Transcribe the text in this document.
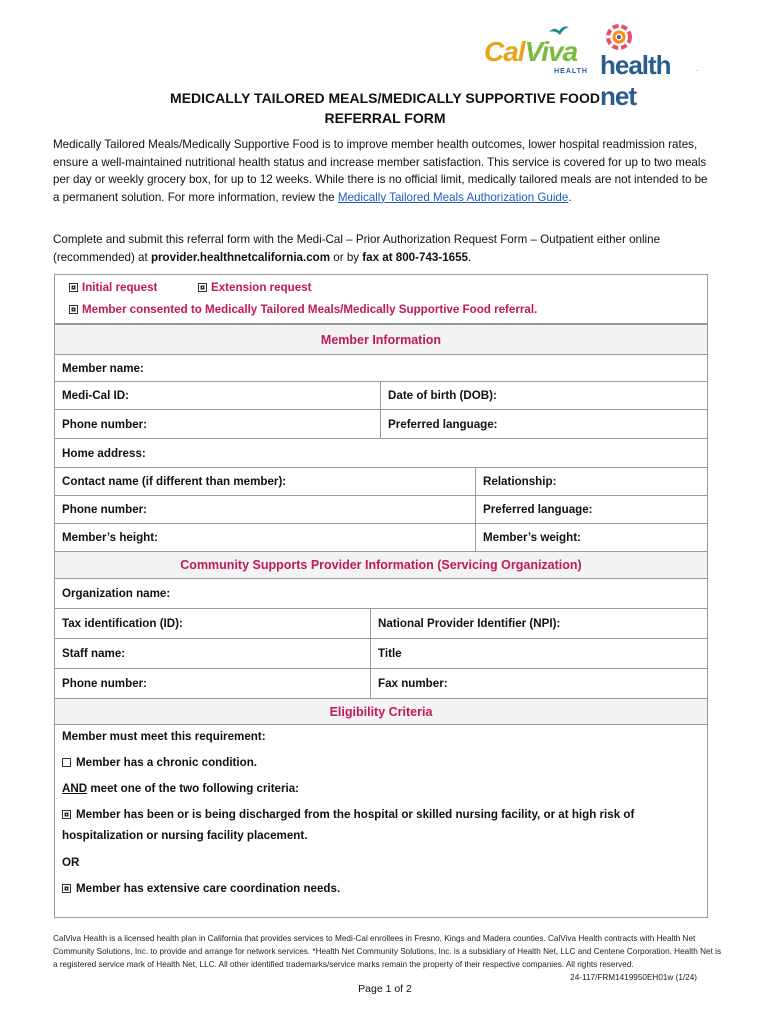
CalViva
HEALTH health net
.
MEDICALLY TAILORED MEALS/MEDICALLY SUPPORTIVE FOOD
REFERRAL FORM
Medically Tailored Meals/Medically Supportive Food is to improve member health outcomes, lower hospital readmission rates, ensure a well-maintained nutritional health status and increase member satisfaction. This service is covered for up to two meals per day or weekly grocery box, for up to 12 weeks. While there is no official limit, medically tailored meals are not intended to be a permanent solution. For more information, review the Medically Tailored Meals Authorization Guide.
Complete and submit this referral form with the Medi-Cal – Prior Authorization Request Form – Outpatient either online (recommended) at provider.healthnetcalifornia.com or by fax at 800-743-1655.
Initial request	Extension request
Member consented to Medically Tailored Meals/Medically Supportive Food referral.
Member Information
Member name:
Medi-Cal ID:	Date of birth (DOB):
Phone number:	Preferred language:
Home address:
Contact name (if different than member):	Relationship:
Phone number:	Preferred language:
Member’s height:	Member’s weight:
Community Supports Provider Information (Servicing Organization)
Organization name:
Tax identification (ID):	National Provider Identifier (NPI):
Staff name:	Title
Phone number:	Fax number:
Eligibility Criteria
Member must meet this requirement:
Member has a chronic condition.
AND meet one of the two following criteria:
Member has been or is being discharged from the hospital or skilled nursing facility, or at high risk of
hospitalization or nursing facility placement.
OR
Member has extensive care coordination needs.
CalViva Health is a licensed health plan in California that provides services to Medi-Cal enrollees in Fresno, Kings and Madera counties. CalViva Health contracts with Health Net Community Solutions, Inc. to provide and arrange for network services. *Health Net Community Solutions, Inc. is a subsidiary of Health Net, LLC and Centene Corporation. Health Net is a registered service mark of Health Net, LLC. All other identified trademarks/service marks remain the property of their respective companies. All rights reserved.
24-117/FRM1419950EH01w (1/24)
Page 1 of 2
